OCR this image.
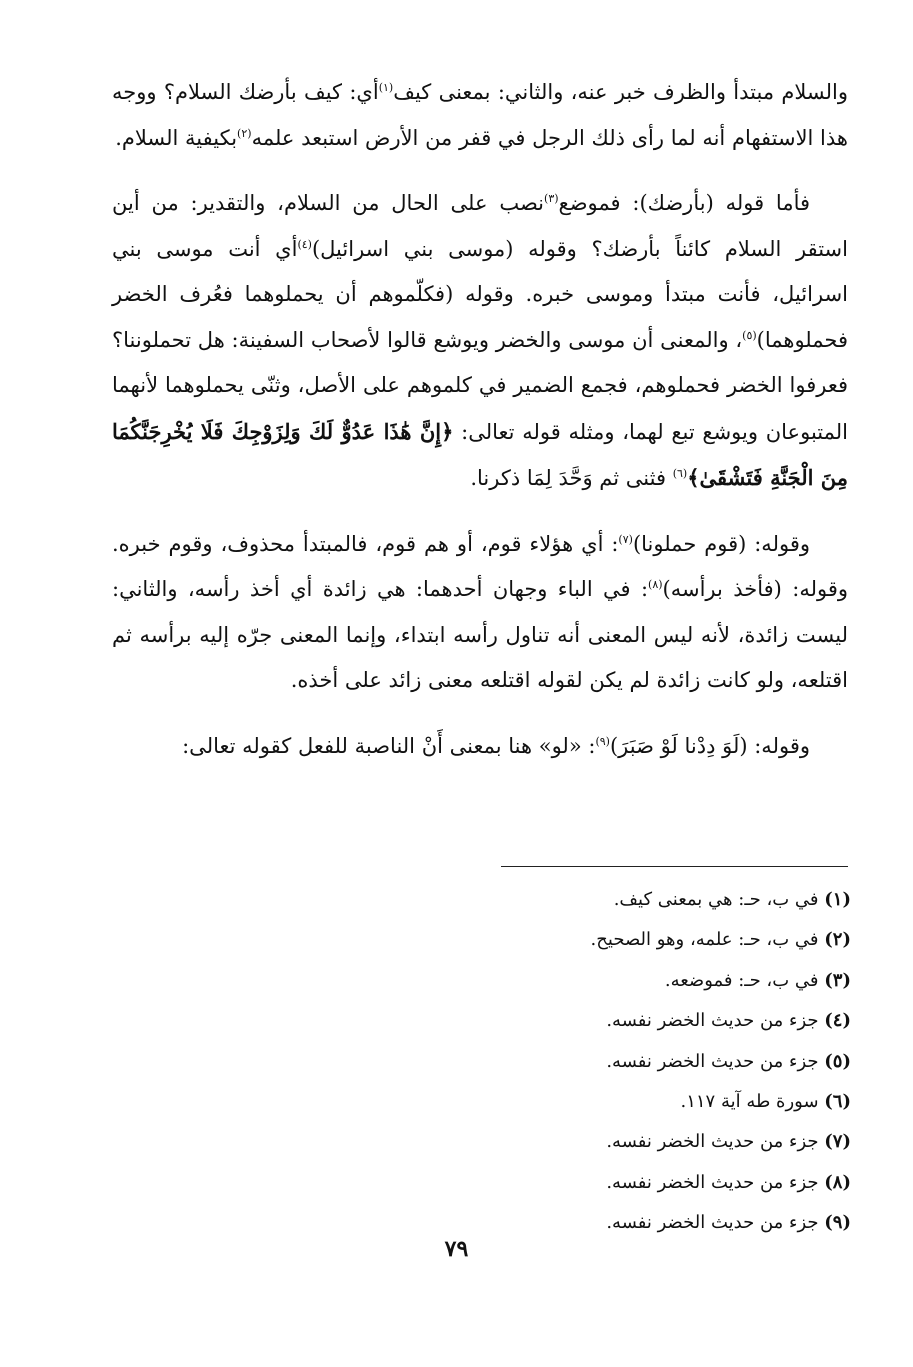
والسلام مبتدأ والظرف خبر عنه، والثاني: بمعنى كيف$^{(١)}$أي: كيف بأرضك السلام؟ ووجه هذا الاستفهام أنه لما رأى ذلك الرجل في قفر من الأرض استبعد علمه$^{(٢)}$بكيفية السلام.

فأما قوله (بأرضك): فموضع$^{(٣)}$نصب على الحال من السلام، والتقدير: من أين استقر السلام كائناً بأرضك؟ وقوله (موسى بني اسرائيل)$^{(٤)}$أي أنت موسى بني اسرائيل، فأنت مبتدأ وموسى خبره. وقوله (فكلّموهم أن يحملوهما فعُرف الخضر فحملوهما)$^{(٥)}$، والمعنى أن موسى والخضر ويوشع قالوا لأصحاب السفينة: هل تحملوننا؟ فعرفوا الخضر فحملوهم، فجمع الضمير في كلموهم على الأصل، وثنّى يحملوهما لأنهما المتبوعان ويوشع تبع لهما، ومثله قوله تعالى: ﴿إِنَّ هَٰذَا عَدُوٌّ لَكَ وَلِزَوْجِكَ فَلَا يُخْرِجَنَّكُمَا مِنَ الْجَنَّةِ فَتَشْقَىٰ﴾$^{(٦)}$ فثنى ثم وَحَّدَ لِمَا ذكرنا.

وقوله: (قوم حملونا)$^{(٧)}$: أي هؤلاء قوم، أو هم قوم، فالمبتدأ محذوف، وقوم خبره. وقوله: (فأخذ برأسه)$^{(٨)}$: في الباء وجهان أحدهما: هي زائدة أي أخذ رأسه، والثاني: ليست زائدة، لأنه ليس المعنى أنه تناول رأسه ابتداء، وإنما المعنى جرّه إليه برأسه ثم اقتلعه، ولو كانت زائدة لم يكن لقوله اقتلعه معنى زائد على أخذه.

وقوله: (لَوَ دِدْنا لَوْ صَبَرَ)$^{(٩)}$: «لو» هنا بمعنى أَنْ الناصبة للفعل كقوله تعالى:

(١) في ب، حـ: هي بمعنى كيف.
(٢) في ب، حـ: علمه، وهو الصحيح.
(٣) في ب، حـ: فموضعه.
(٤) جزء من حديث الخضر نفسه.
(٥) جزء من حديث الخضر نفسه.
(٦) سورة طه آية ١١٧.
(٧) جزء من حديث الخضر نفسه.
(٨) جزء من حديث الخضر نفسه.
(٩) جزء من حديث الخضر نفسه.
٧٩
